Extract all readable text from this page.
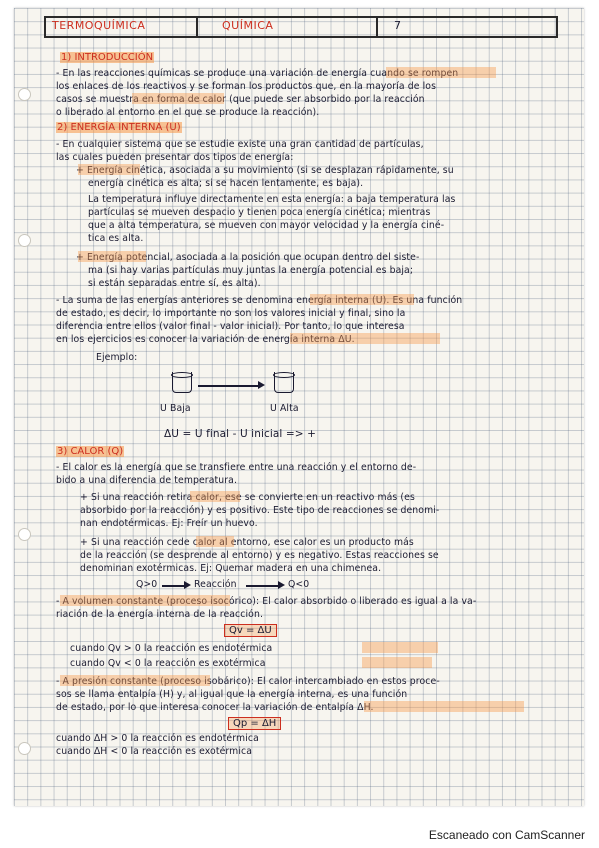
TERMOQUÍMICA	QUÍMICA	7
1) INTRODUCCIÓN
- En las reacciones químicas se produce una variación de energía cuando se rompen
los enlaces de los reactivos y se forman los productos que, en la mayoría de los
casos se muestra en forma de calor (que puede ser absorbido por la reacción
o liberado al entorno en el que se produce la reacción).
2) ENERGÍA INTERNA (U)
- En cualquier sistema que se estudie existe una gran cantidad de partículas,
las cuales pueden presentar dos tipos de energía:
+ Energía cinética, asociada a su movimiento (si se desplazan rápidamente, su
energía cinética es alta; si se hacen lentamente, es baja).
La temperatura influye directamente en esta energía: a baja temperatura las
partículas se mueven despacio y tienen poca energía cinética; mientras
que a alta temperatura, se mueven con mayor velocidad y la energía ciné-
tica es alta.
+ Energía potencial, asociada a la posición que ocupan dentro del siste-
ma (si hay varias partículas muy juntas la energía potencial es baja;
si están separadas entre sí, es alta).
- La suma de las energías anteriores se denomina energía interna (U). Es una función
de estado, es decir, lo importante no son los valores inicial y final, sino la
diferencia entre ellos (valor final - valor inicial). Por tanto, lo que interesa
en los ejercicios es conocer la variación de energía interna ΔU.
Ejemplo:
U Baja	U Alta
ΔU = U final - U inicial => +
3) CALOR (Q)
- El calor es la energía que se transfiere entre una reacción y el entorno de-
bido a una diferencia de temperatura.
+ Si una reacción retira calor, ese se convierte en un reactivo más (es
absorbido por la reacción) y es positivo. Este tipo de reacciones se denomi-
nan endotérmicas. Ej: Freír un huevo.
+ Si una reacción cede calor al entorno, ese calor es un producto más
de la reacción (se desprende al entorno) y es negativo. Estas reacciones se
denominan exotérmicas. Ej: Quemar madera en una chimenea.
Q>0	Reacción	Q<0
- A volumen constante (proceso isocórico): El calor absorbido o liberado es igual a la va-
riación de la energía interna de la reacción.
Qv = ΔU
cuando Qv > 0 la reacción es endotérmica
cuando Qv < 0 la reacción es exotérmica
- A presión constante (proceso isobárico): El calor intercambiado en estos proce-
sos se llama entalpía (H) y, al igual que la energía interna, es una función
de estado, por lo que interesa conocer la variación de entalpía ΔH.
Qp = ΔH
cuando ΔH > 0 la reacción es endotérmica
cuando ΔH < 0 la reacción es exotérmica
Escaneado con CamScanner
